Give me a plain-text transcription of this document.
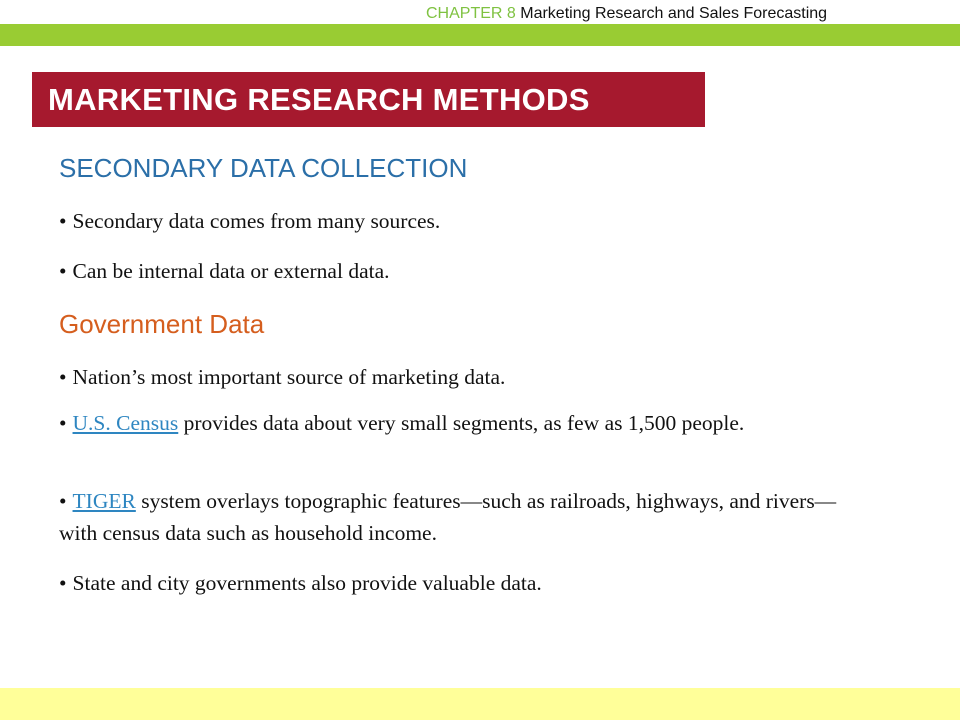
CHAPTER 8 Marketing Research and Sales Forecasting
MARKETING RESEARCH METHODS
SECONDARY DATA COLLECTION
• Secondary data comes from many sources.
• Can be internal data or external data.
Government Data
• Nation’s most important source of marketing data.
• U.S. Census provides data about very small segments, as few as 1,500 people.
• TIGER system overlays topographic features—such as railroads, highways, and rivers—with census data such as household income.
• State and city governments also provide valuable data.
